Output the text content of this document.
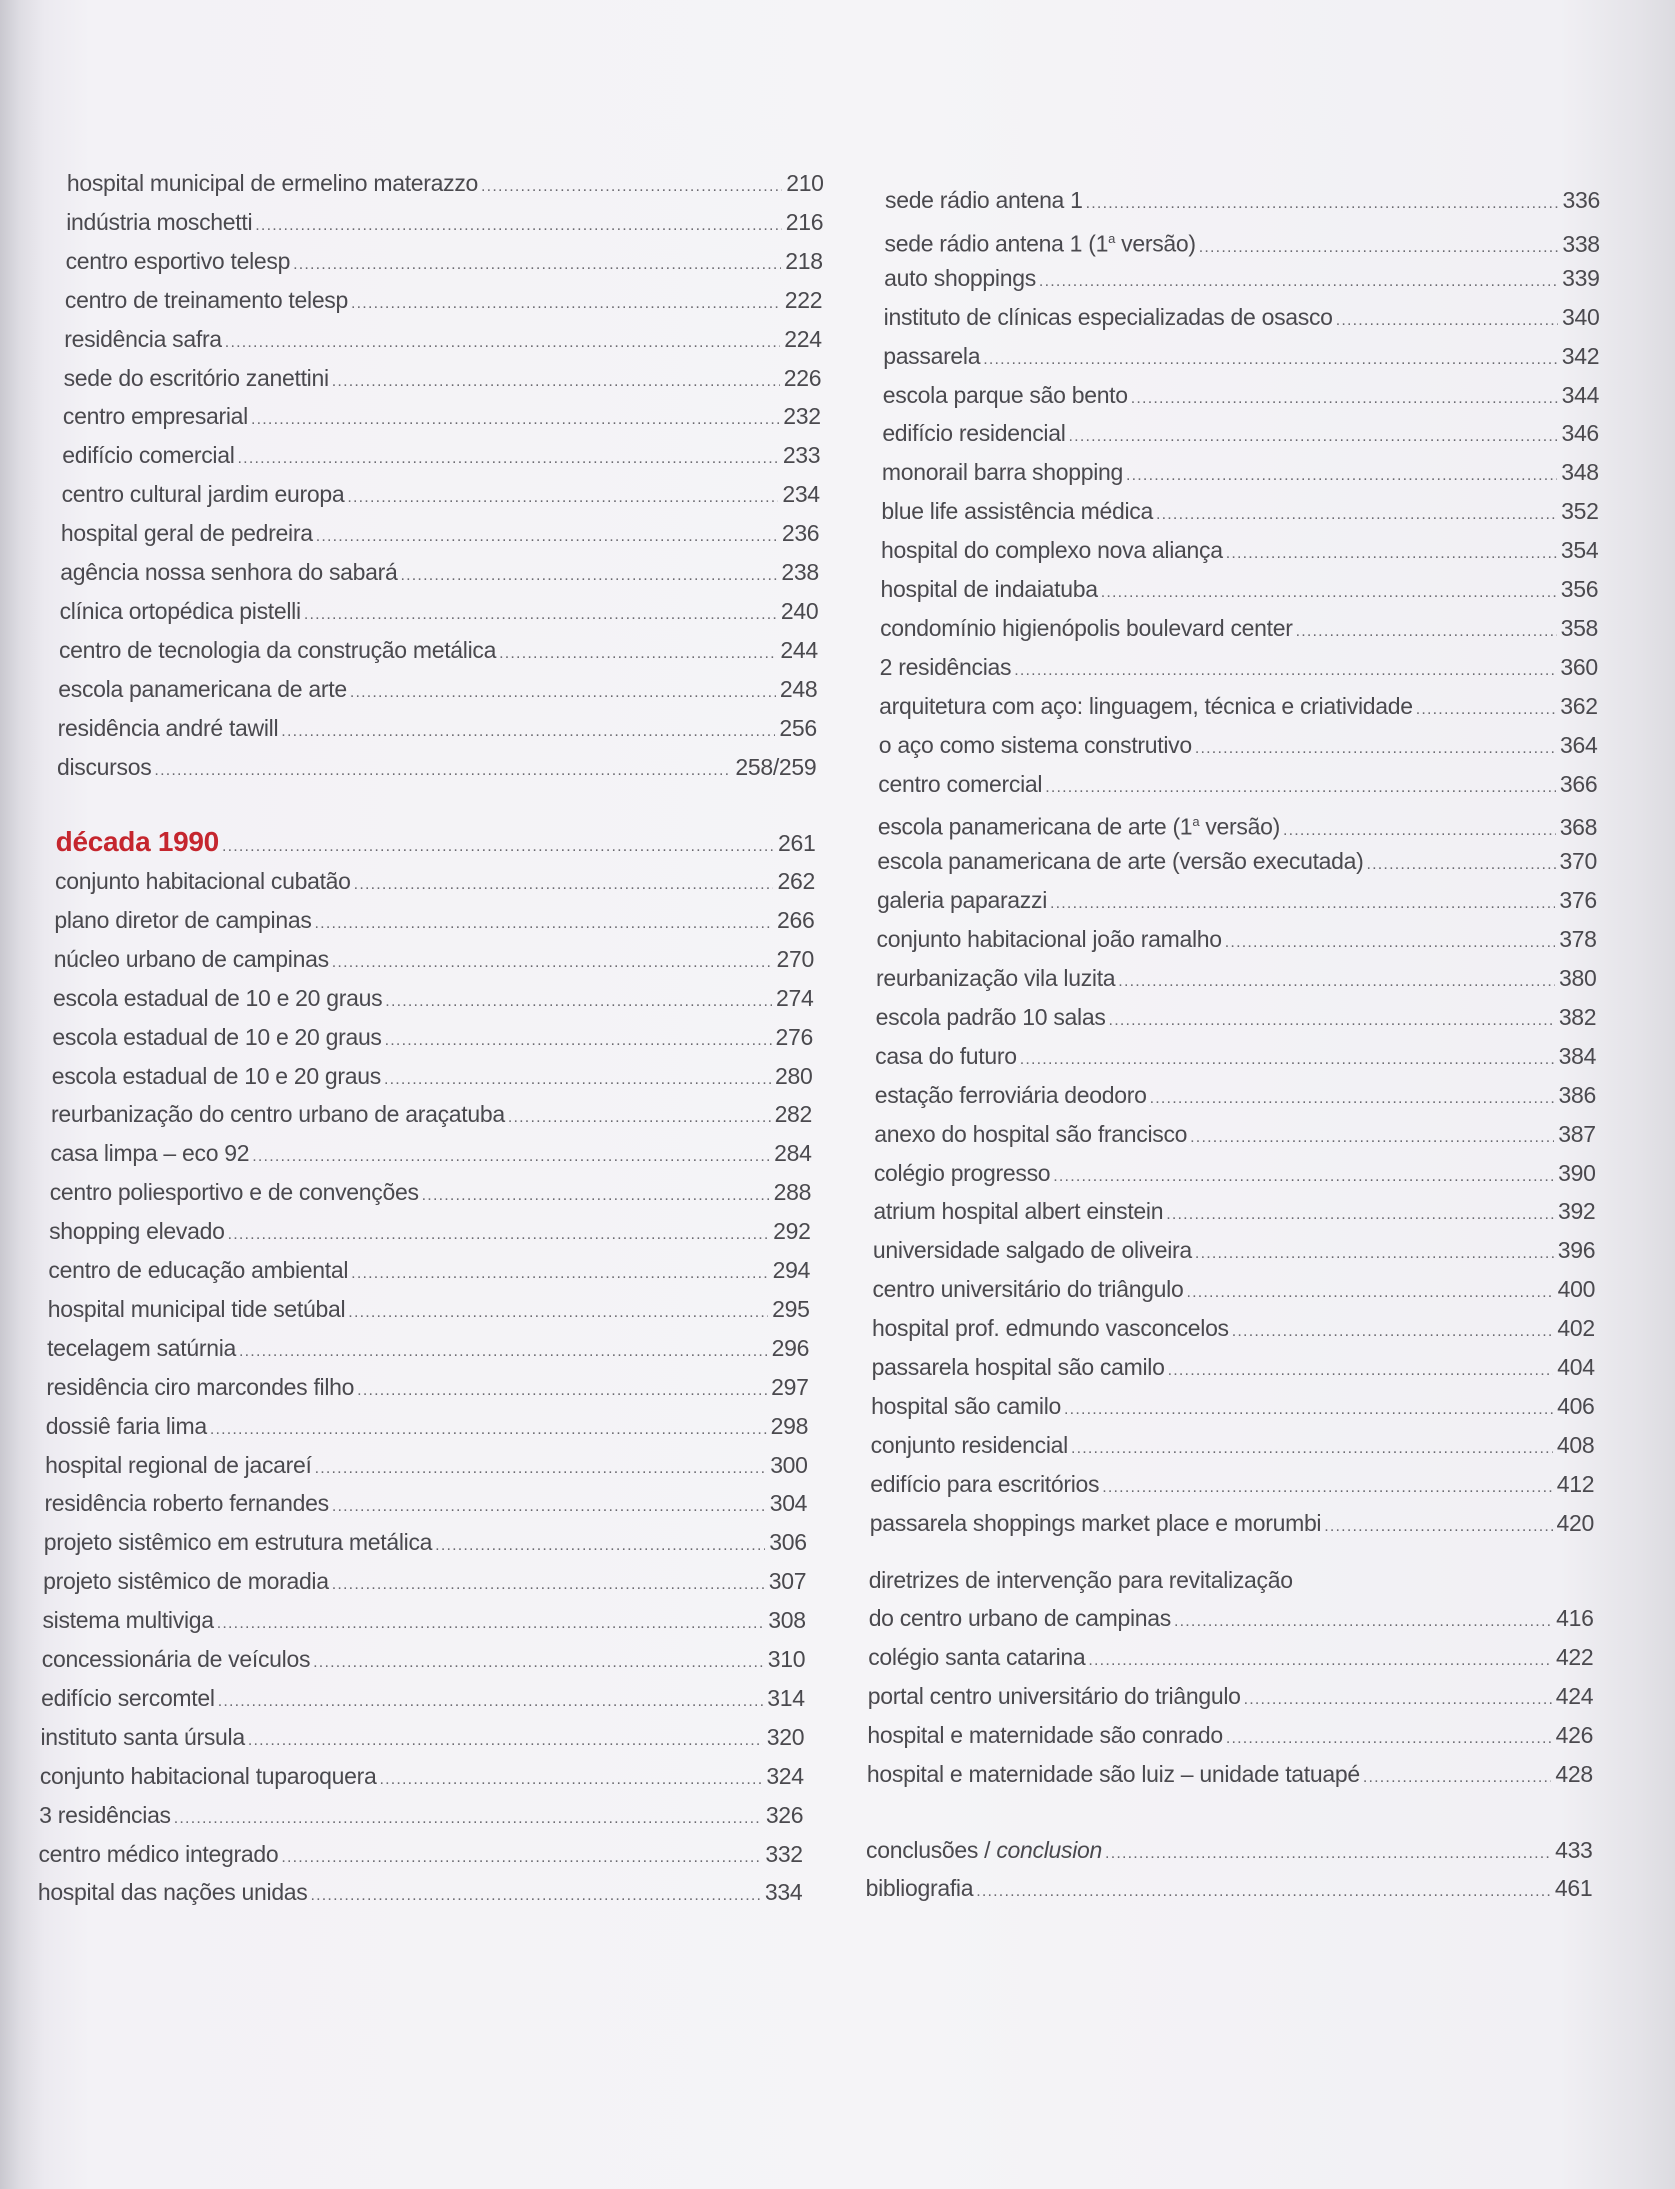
hospital municipal de ermelino materazzo .....	210
indústria moschetti .....	216
centro esportivo telesp .....	218
centro de treinamento telesp .....	222
residência safra .....	224
sede do escritório zanettini .....	226
centro empresarial .....	232
edifício comercial .....	233
centro cultural jardim europa .....	234
hospital geral de pedreira .....	236
agência nossa senhora do sabará .....	238
clínica ortopédica pistelli .....	240
centro de tecnologia da construção metálica .....	244
escola panamericana de arte .....	248
residência andré tawill .....	256
discursos .....	258/259
década 1990 .....	261
conjunto habitacional cubatão .....	262
plano diretor de campinas .....	266
núcleo urbano de campinas .....	270
escola estadual de 10 e 20 graus .....	274
escola estadual de 10 e 20 graus .....	276
escola estadual de 10 e 20 graus .....	280
reurbanização do centro urbano de araçatuba .....	282
casa limpa – eco 92 .....	284
centro poliesportivo e de convenções .....	288
shopping elevado .....	292
centro de educação ambiental .....	294
hospital municipal tide setúbal .....	295
tecelagem satúrnia .....	296
residência ciro marcondes filho .....	297
dossiê faria lima .....	298
hospital regional de jacareí .....	300
residência roberto fernandes .....	304
projeto sistêmico em estrutura metálica .....	306
projeto sistêmico de moradia .....	307
sistema multiviga .....	308
concessionária de veículos .....	310
edifício sercomtel .....	314
instituto santa úrsula .....	320
conjunto habitacional tuparoquera .....	324
3 residências .....	326
centro médico integrado .....	332
hospital das nações unidas .....	334
sede rádio antena 1 .....	336
sede rádio antena 1 (1$^a$ versão) .....	338
auto shoppings .....	339
instituto de clínicas especializadas de osasco .....	340
passarela .....	342
escola parque são bento .....	344
edifício residencial .....	346
monorail barra shopping .....	348
blue life assistência médica .....	352
hospital do complexo nova aliança .....	354
hospital de indaiatuba .....	356
condomínio higienópolis boulevard center .....	358
2 residências .....	360
arquitetura com aço: linguagem, técnica e criatividade .....	362
o aço como sistema construtivo .....	364
centro comercial .....	366
escola panamericana de arte (1$^a$ versão) .....	368
escola panamericana de arte (versão executada) .....	370
galeria paparazzi .....	376
conjunto habitacional joão ramalho .....	378
reurbanização vila luzita .....	380
escola padrão 10 salas .....	382
casa do futuro .....	384
estação ferroviária deodoro .....	386
anexo do hospital são francisco .....	387
colégio progresso .....	390
atrium hospital albert einstein .....	392
universidade salgado de oliveira .....	396
centro universitário do triângulo .....	400
hospital prof. edmundo vasconcelos .....	402
passarela hospital são camilo .....	404
hospital são camilo .....	406
conjunto residencial .....	408
edifício para escritórios .....	412
passarela shoppings market place e morumbi .....	420
diretrizes de intervenção para revitalização
do centro urbano de campinas .....	416
colégio santa catarina .....	422
portal centro universitário do triângulo .....	424
hospital e maternidade são conrado .....	426
hospital e maternidade são luiz – unidade tatuapé .....	428
conclusões / conclusion .....	433
bibliografia .....	461
